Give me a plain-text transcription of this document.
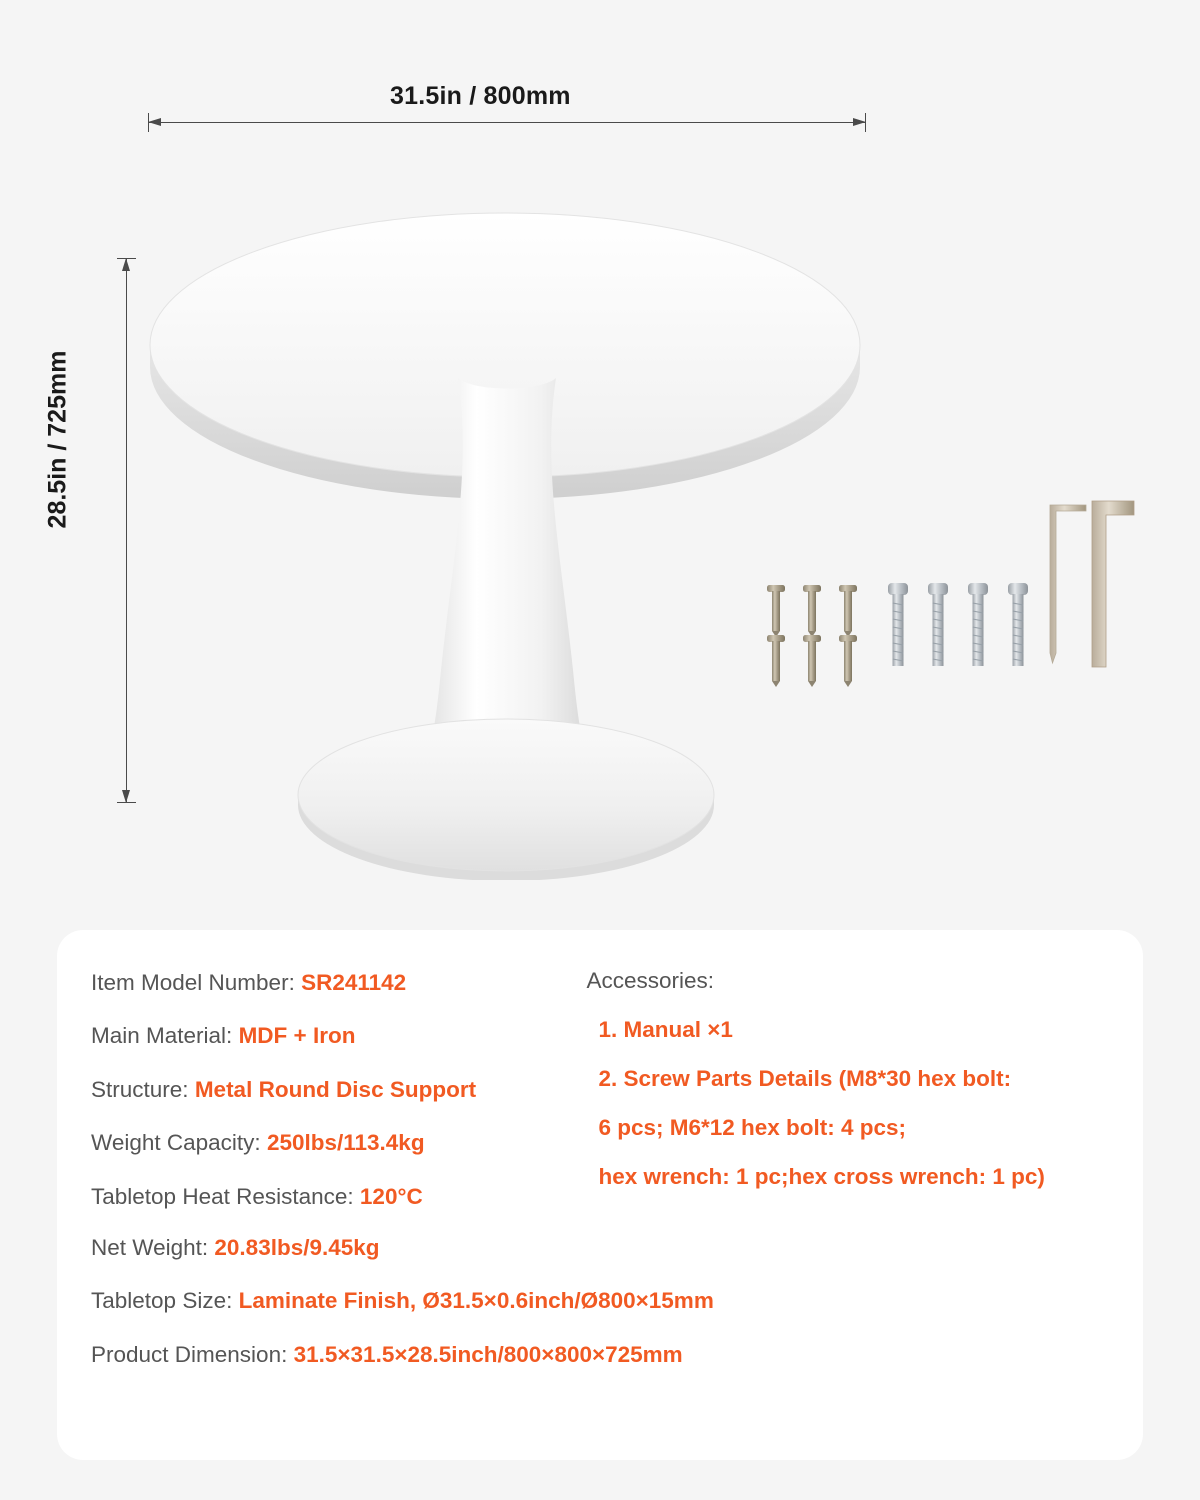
31.5in / 800mm
28.5in / 725mm
Item Model Number: SR241142
Main Material: MDF + Iron
Structure: Metal Round Disc Support
Weight Capacity: 250lbs/113.4kg
Tabletop Heat Resistance: 120°C
Accessories:
1. Manual ×1
2. Screw Parts Details (M8*30 hex bolt:
6 pcs; M6*12 hex bolt: 4 pcs;
hex wrench: 1 pc;hex cross wrench: 1 pc)
Net Weight: 20.83lbs/9.45kg
Tabletop Size: Laminate Finish, Ø31.5×0.6inch/Ø800×15mm
Product Dimension: 31.5×31.5×28.5inch/800×800×725mm
